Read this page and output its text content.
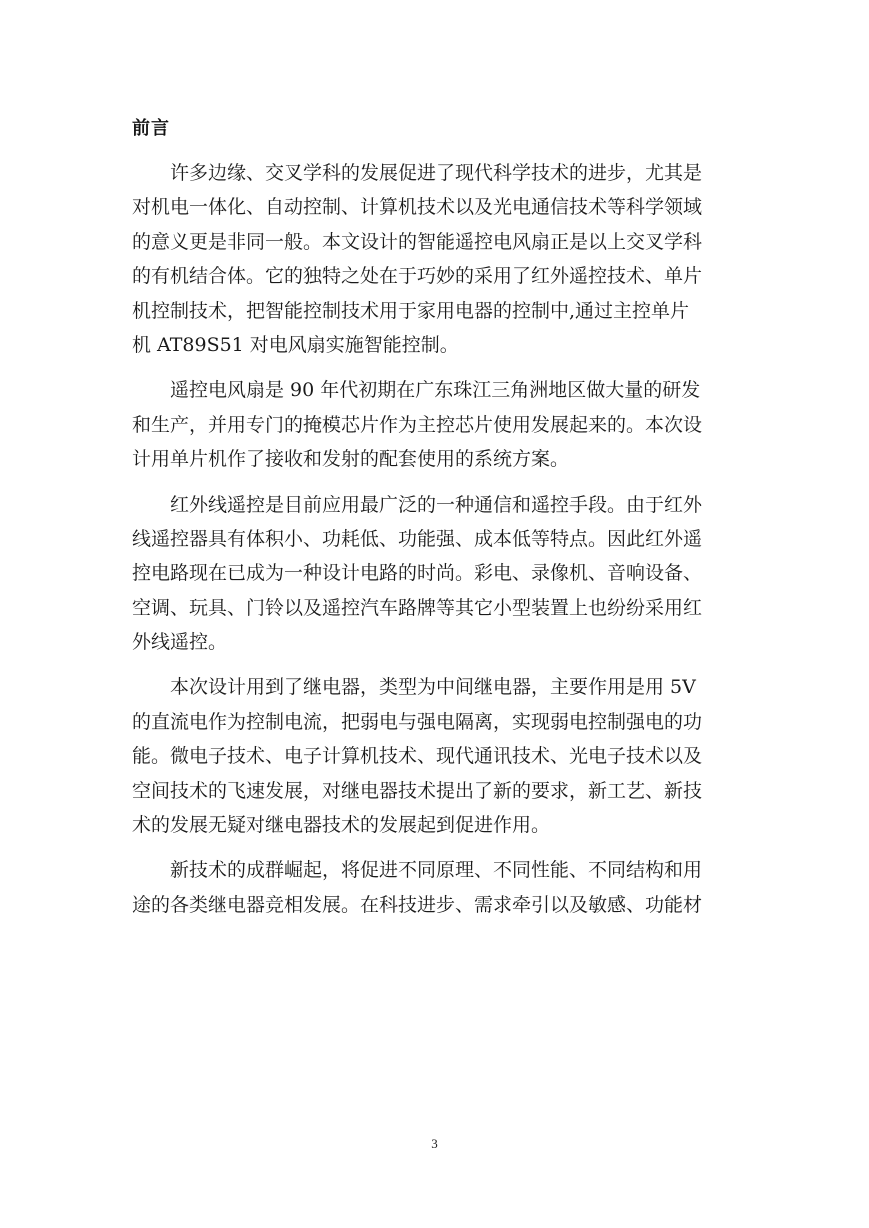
前言
许多边缘、交叉学科的发展促进了现代科学技术的进步，尤其是
对机电一体化、自动控制、计算机技术以及光电通信技术等科学领域
的意义更是非同一般。本文设计的智能遥控电风扇正是以上交叉学科
的有机结合体。它的独特之处在于巧妙的采用了红外遥控技术、单片
机控制技术，把智能控制技术用于家用电器的控制中,通过主控单片
机 AT89S51 对电风扇实施智能控制。
遥控电风扇是 90 年代初期在广东珠江三角洲地区做大量的研发
和生产，并用专门的掩模芯片作为主控芯片使用发展起来的。本次设
计用单片机作了接收和发射的配套使用的系统方案。
红外线遥控是目前应用最广泛的一种通信和遥控手段。由于红外
线遥控器具有体积小、功耗低、功能强、成本低等特点。因此红外遥
控电路现在已成为一种设计电路的时尚。彩电、录像机、音响设备、
空调、玩具、门铃以及遥控汽车路牌等其它小型装置上也纷纷采用红
外线遥控。
本次设计用到了继电器，类型为中间继电器，主要作用是用 5V
的直流电作为控制电流，把弱电与强电隔离，实现弱电控制强电的功
能。微电子技术、电子计算机技术、现代通讯技术、光电子技术以及
空间技术的飞速发展，对继电器技术提出了新的要求，新工艺、新技
术的发展无疑对继电器技术的发展起到促进作用。
新技术的成群崛起，将促进不同原理、不同性能、不同结构和用
途的各类继电器竞相发展。在科技进步、需求牵引以及敏感、功能材
3
